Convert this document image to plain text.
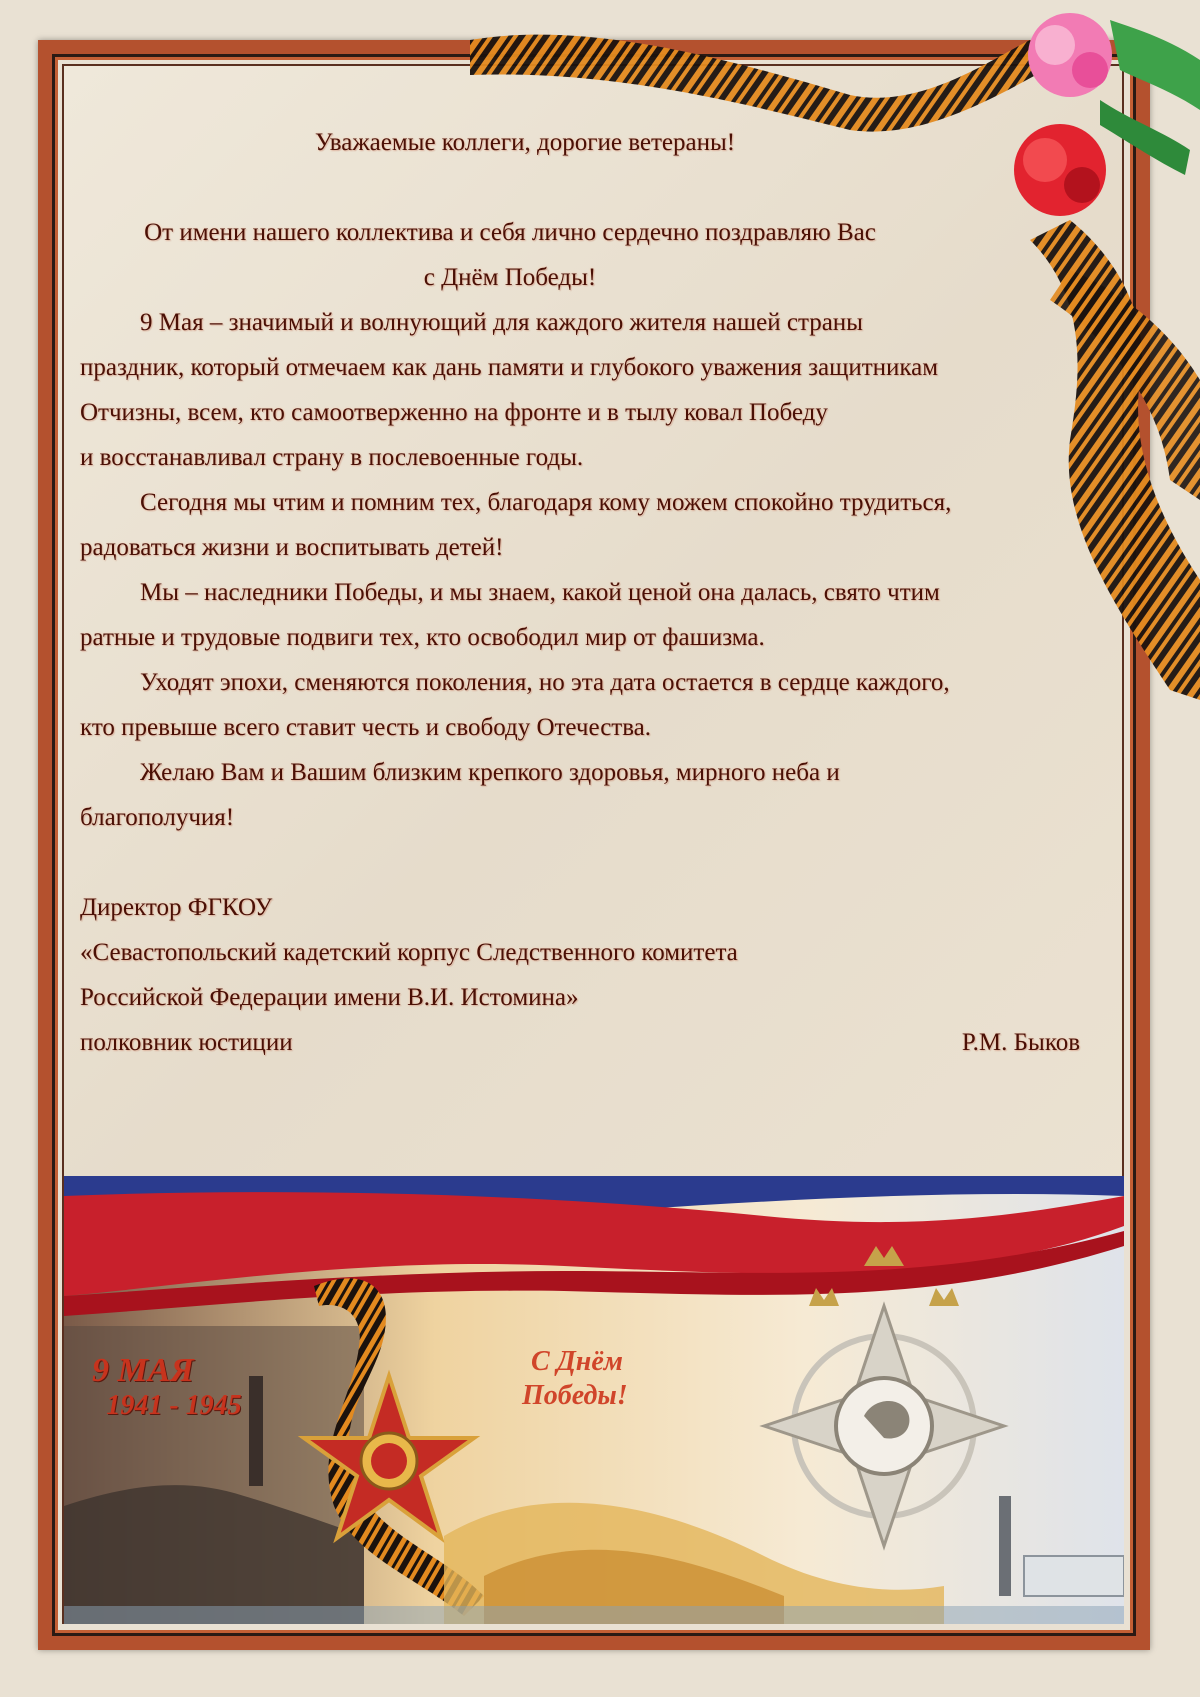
Уважаемые коллеги, дорогие ветераны!

От имени нашего коллектива и себя лично сердечно поздравляю Вас

с Днём Победы!

9 Мая – значимый и волнующий для каждого жителя нашей страны

праздник, который отмечаем как дань памяти и глубокого уважения защитникам

Отчизны, всем, кто самоотверженно на фронте и в тылу ковал Победу

и восстанавливал страну в послевоенные годы.

Сегодня мы чтим и помним тех, благодаря кому можем спокойно трудиться,

радоваться жизни и воспитывать детей!

Мы – наследники Победы, и мы знаем, какой ценой она далась, свято чтим

ратные и трудовые подвиги тех, кто освободил мир от фашизма.

Уходят эпохи, сменяются поколения, но эта дата остается в сердце каждого,

кто превыше всего ставит честь и свободу Отечества.

Желаю Вам и Вашим близким крепкого здоровья, мирного неба и

благополучия!

Директор ФГКОУ

«Севастопольский кадетский корпус Следственного комитета

Российской Федерации имени В.И. Истомина»

полковник юстиции	Р.М. Быков
9 МАЯ
1941 - 1945
С Днём
Победы!
